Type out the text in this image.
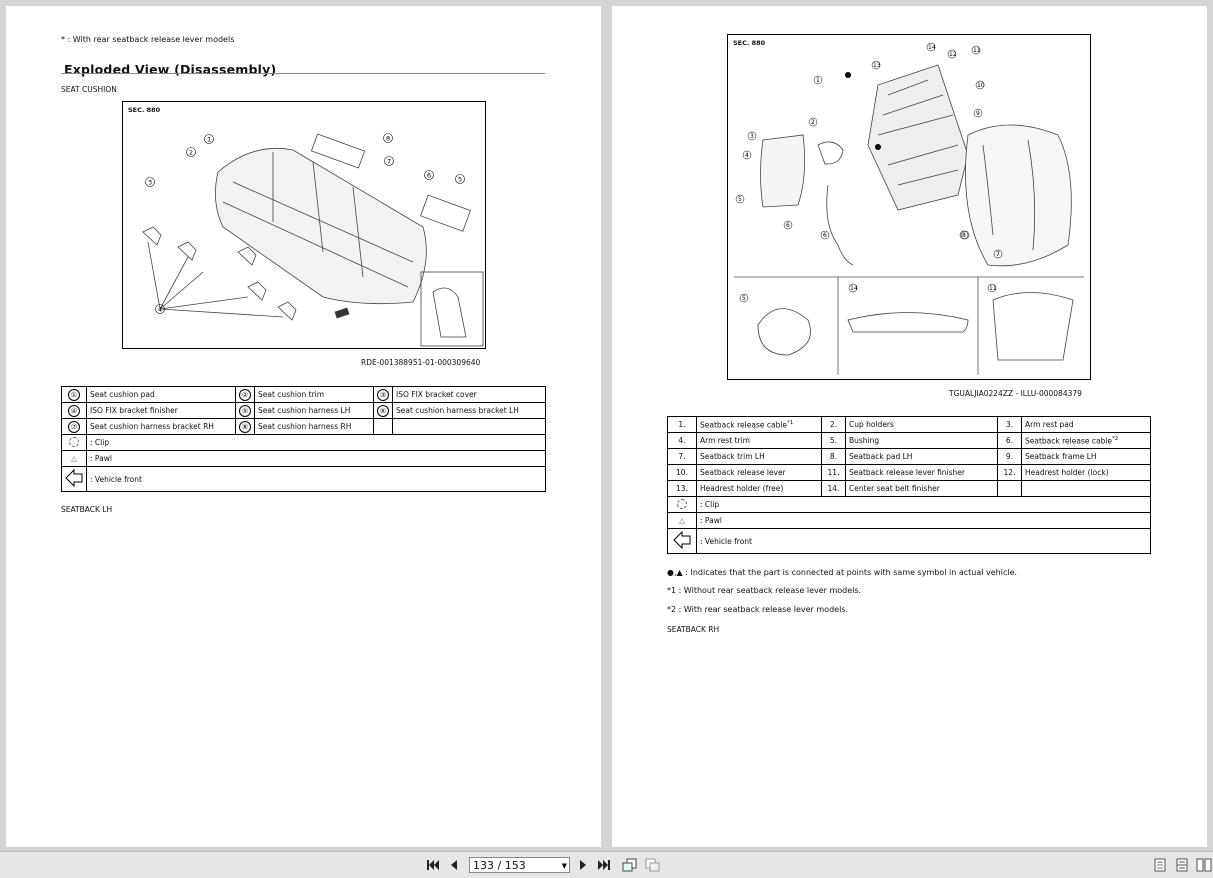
* : With rear seatback release lever models
Exploded View (Disassembly)
SEAT CUSHION
SEC. 880
1
2
3
4
5
6
7
8
RDE-001388951-01-000309640
①	Seat cushion pad	②	Seat cushion trim	③	ISO FIX bracket cover
④	ISO FIX bracket finisher	⑤	Seat cushion harness LH	⑥	Seat cushion harness bracket LH
⑦	Seat cushion harness bracket RH	⑧	Seat cushion harness RH		
	: Clip				
△	: Pawl				
	: Vehicle front				
SEATBACK LH
SEC. 880
1
2
3
4
5
6
7
8
9
10
11
12
13
14
6
5
14	11
TGUALJIA0224ZZ - ILLU-000084379
1.	Seatback release cable$^{*1}$	2.	Cup holders	3.	Arm rest pad
4.	Arm rest trim	5.	Bushing	6.	Seatback release cable$^{*2}$
7.	Seatback trim LH	8.	Seatback pad LH	9.	Seatback frame LH
10.	Seatback release lever	11.	Seatback release lever finisher	12.	Headrest holder (lock)
13.	Headrest holder (free)	14.	Center seat belt finisher		
	: Clip				
△	: Pawl				
	: Vehicle front				
●,▲ : Indicates that the part is connected at points with same symbol in actual vehicle.
*1 : Without rear seatback release lever models.
*2 : With rear seatback release lever models.
SEATBACK RH
133 / 153	▼
